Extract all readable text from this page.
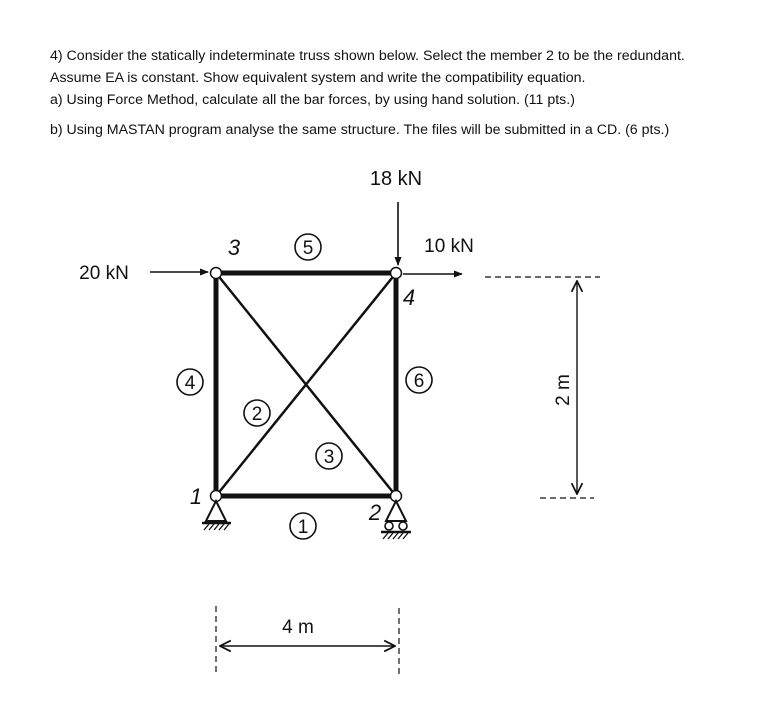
4) Consider the statically indeterminate truss shown below. Select the member 2 to be the redundant.
Assume EA is constant. Show equivalent system and write the compatibility equation.
a) Using Force Method, calculate all the bar forces, by using hand solution. (11 pts.)
b) Using MASTAN program analyse the same structure. The files will be submitted in a CD. (6 pts.)
18 kN
10 kN
20 kN
3
4
1
2
5
4	6
2
3
1
2 m
4 m
